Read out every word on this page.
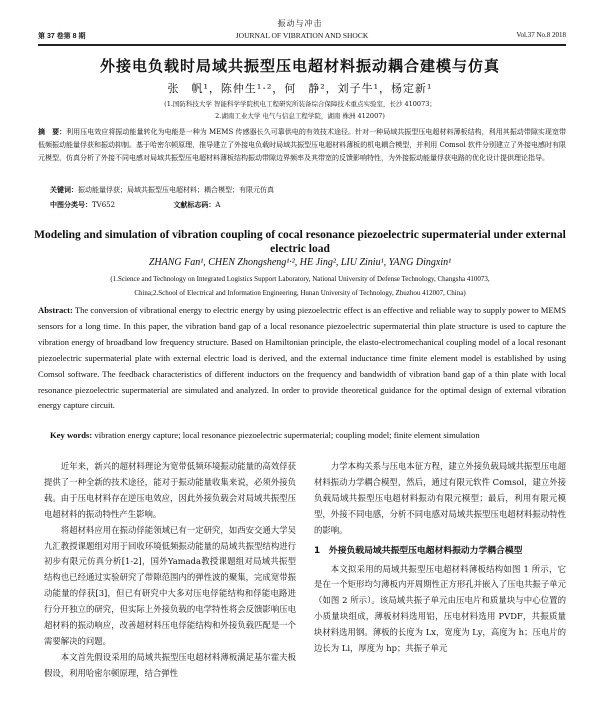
振动与冲击
第 37 卷第 8 期	JOURNAL OF VIBRATION AND SHOCK	Vol.37 No.8 2018
外接电负载时局域共振型压电超材料振动耦合建模与仿真
张　帆¹，陈仲生¹·²，何　静²，刘子牛¹，杨定新¹
(1.国防科技大学 智能科学学院机电工程研究所装备综合保障技术重点实验室，长沙 410073；
2.湖南工业大学 电气与信息工程学院，湖南 株洲 412007)
摘　要：利用压电效应将振动能量转化为电能是一种为 MEMS 传感器长久可靠供电的有效技术途径。针对一种局域共振型压电超材料薄板结构，利用其振动带隙实现宽带低频振动能量俘获和振动抑制。基于哈密尔顿原理，推导建立了外接电负载时局域共振型压电超材料薄板的机电耦合模型，并利用 Comsol 软件分别建立了外接电感时有限元模型，仿真分析了外接不同电感对局域共振型压电超材料薄板结构振动带隙边界频率及其带宽的反馈影响特性，为外接振动能量俘获电路的优化设计提供理论指导。
关键词：振动能量俘获；局域共振型压电超材料；耦合模型；有限元仿真
中图分类号：TV652	文献标志码：A
Modeling and simulation of vibration coupling of cocal resonance piezoelectric supermaterial under external electric load
ZHANG Fan¹, CHEN Zhongsheng¹·², HE Jing², LIU Ziniu¹, YANG Dingxin¹
(1.Science and Technology on Integrated Logistics Support Laboratory, National University of Defense Technology, Changsha 410073,
China;2.School of Electrical and Information Engineering, Hunan University of Technology, Zhuzhou 412007, China)
Abstract: The conversion of vibrational energy to electric energy by using piezoelectric effect is an effective and reliable way to supply power to MEMS sensors for a long time. In this paper, the vibration band gap of a local resonance piezoelectric supermaterial thin plate structure is used to capture the vibration energy of broadband low frequency structure. Based on Hamiltonian principle, the elasto-electromechanical coupling model of a local resonant piezoelectric supermaterial plate with external electric load is derived, and the external inductance time finite element model is established by using Comsol software. The feedback characteristics of different inductors on the frequency and bandwidth of vibration band gap of a thin plate with local resonance piezoelectric supermaterial are simulated and analyzed. In order to provide theoretical guidance for the optimal design of external vibration energy capture circuit.
Key words: vibration energy capture; local resonance piezoelectric supermaterial; coupling model; finite element simulation

近年来，新兴的超材料理论为宽带低频环境振动能量的高效俘获提供了一种全新的技术途径，能对于振动能量收集来说，必须外接负载。由于压电材料存在逆压电效应，因此外接负载会对局域共振型压电超材料的振动特性产生影响。

将超材料应用在振动俘能领域已有一定研究，如西安交通大学吴九汇教授课题组对用于回收环境低频振动能量的局域共振型结构进行初步有限元仿真分析[1-2]，国外Yamada教授课题组对局域共振型结构也已经通过实验研究了带隙范围内的弹性波的聚集，完成宽带振动能量的俘获[3]，但已有研究中大多对压电俘能结构和俘能电路进行分开独立的研究，但实际上外接负载的电学特性将会反馈影响压电超材料的振动响应，改善超材料压电俘能结构和外接负载匹配是一个需要解决的问题。

本文首先假设采用的局域共振型压电超材料薄板满足基尔霍夫板假设，利用哈密尔顿原理，结合弹性

力学本构关系与压电本征方程，建立外接负载局域共振型压电超材料振动力学耦合模型，然后，通过有限元软件 Comsol，建立外接负载局域共振型压电超材料振动有限元模型；最后，利用有限元模型，外接不同电感，分析不同电感对局域共振型压电超材料振动特性的影响。

1　外接负载局域共振型压电超材料振动力学耦合模型

本文拟采用的局域共振型压电超材料薄板结构如图 1 所示，它是在一个矩形均匀薄板内开周期性正方形孔并嵌入了压电共振子单元（如图 2 所示）。该局域共振子单元由压电片和质量块与中心位置的小质量块组成，薄板材料选用铝，压电材料选用 PVDF，共振质量块材料选用钢。薄板的长度为 Lx，宽度为 Ly，高度为 h；压电片的边长为 Li，厚度为 hp；共振子单元
